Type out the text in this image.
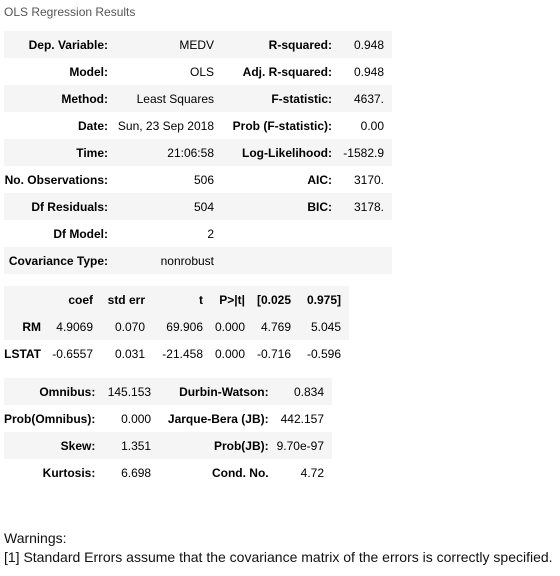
OLS Regression Results
Dep. Variable:	MEDV	R-squared:	0.948
Model:	OLS	Adj. R-squared:	0.948
Method:	Least Squares	F-statistic:	4637.
Date:	Sun, 23 Sep 2018	Prob (F-statistic):	0.00
Time:	21:06:58	Log-Likelihood:	-1582.9
No. Observations:	506	AIC:	3170.
Df Residuals:	504	BIC:	3178.
Df Model:	2		
Covariance Type:	nonrobust		
	coef	std err	t	P>|t|	[0.025	0.975]
RM	4.9069	0.070	69.906	0.000	4.769	5.045
LSTAT	-0.6557	0.031	-21.458	0.000	-0.716	-0.596
Omnibus:	145.153	Durbin-Watson:	0.834
Prob(Omnibus):	0.000	Jarque-Bera (JB):	442.157
Skew:	1.351	Prob(JB):	9.70e-97
Kurtosis:	6.698	Cond. No.	4.72
Warnings:
[1] Standard Errors assume that the covariance matrix of the errors is correctly specified.
